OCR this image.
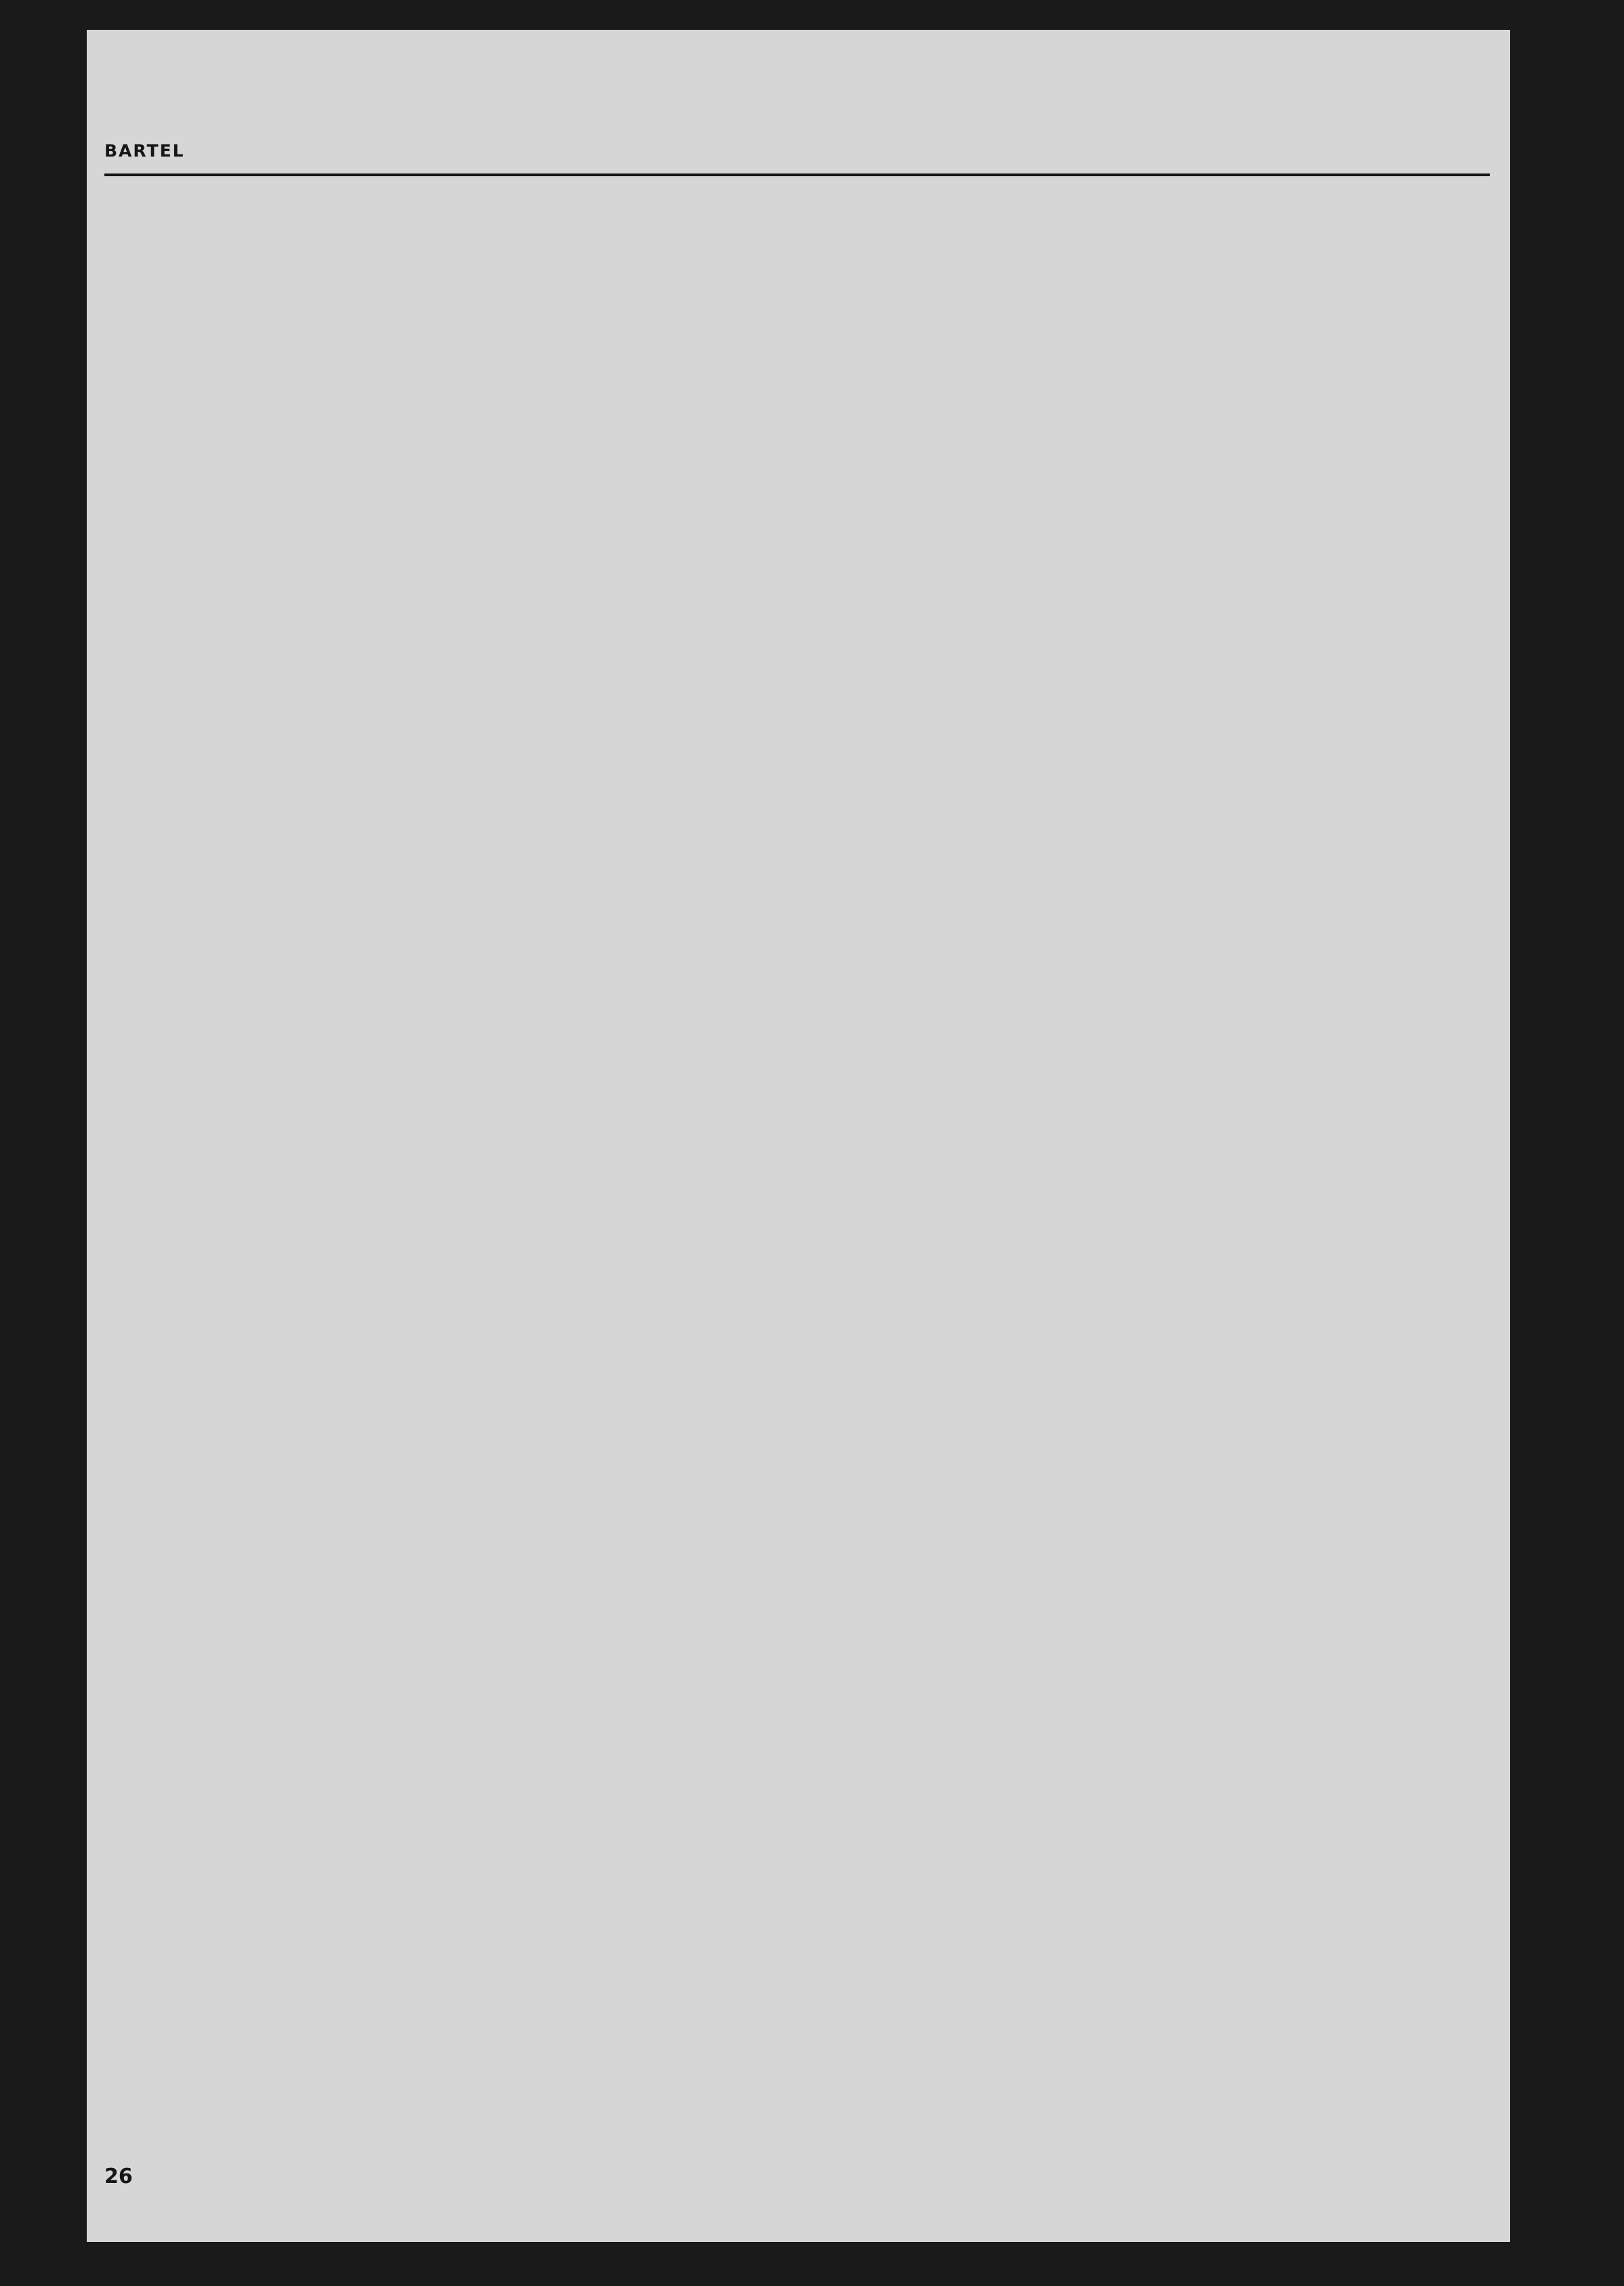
BARTEL
26
